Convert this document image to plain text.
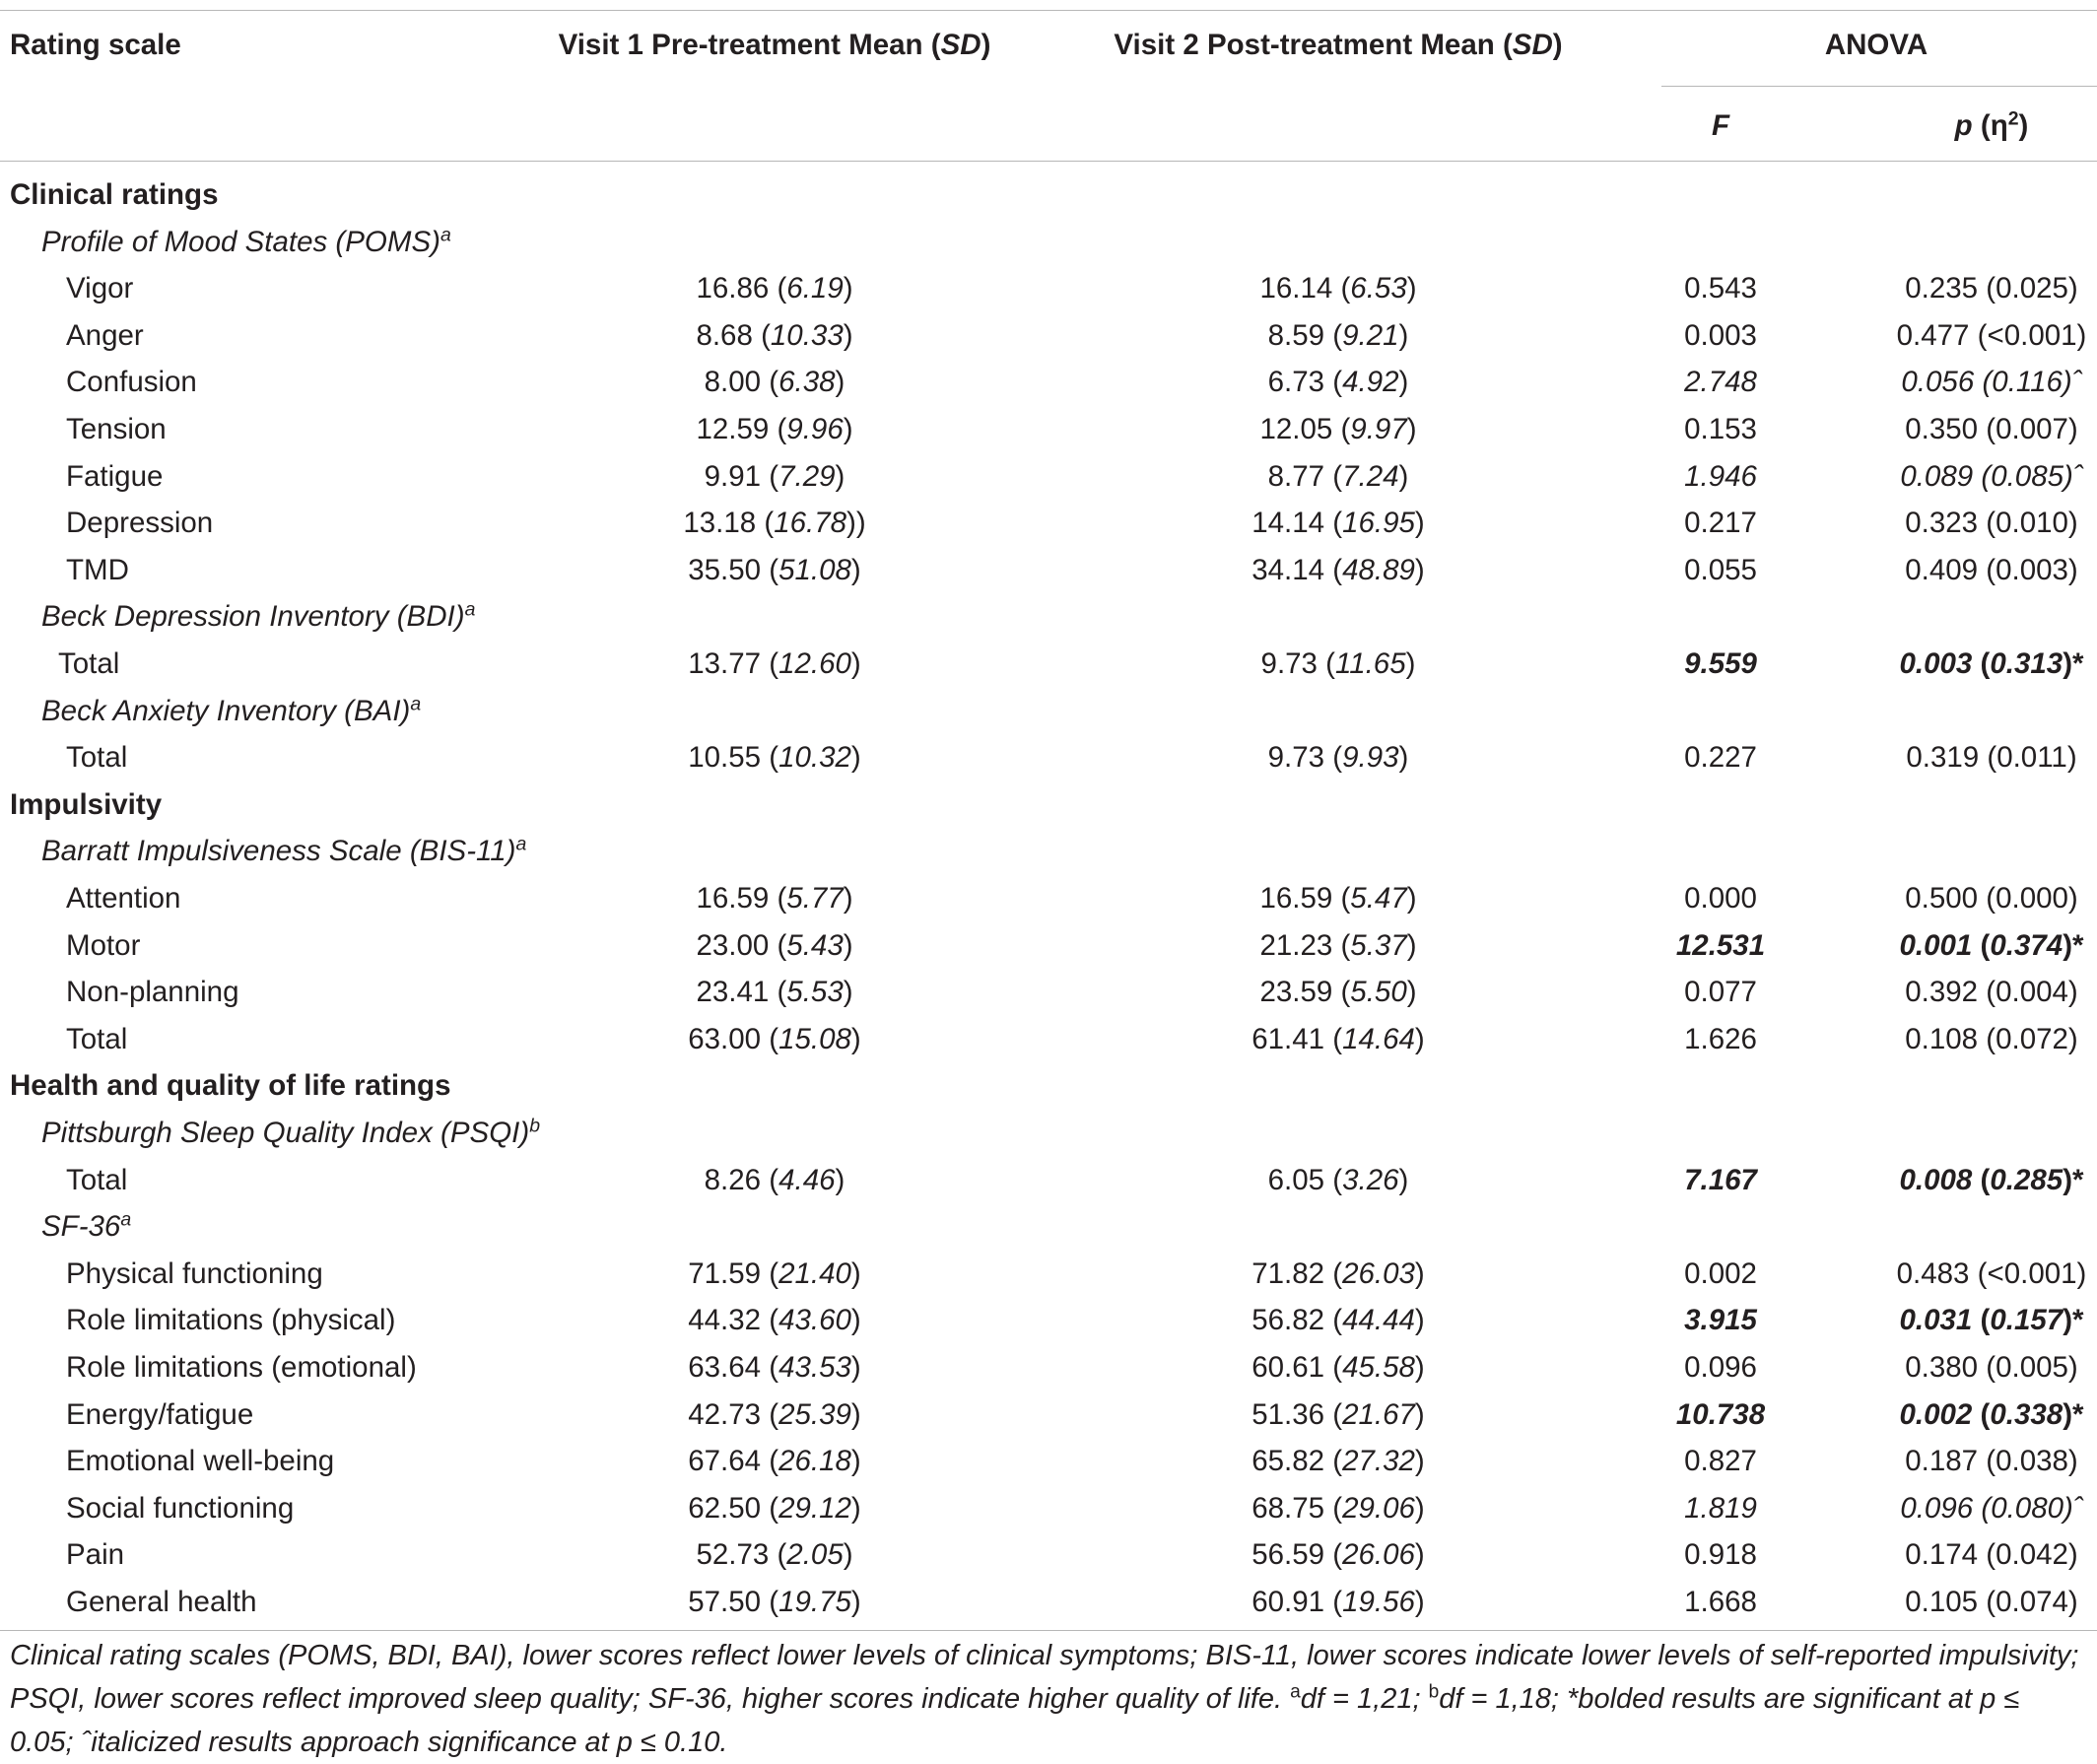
Rating scale	Visit 1 Pre-treatment Mean (SD)	Visit 2 Post-treatment Mean (SD)	ANOVA
F	p $(\eta^2)$
Clinical ratings
Profile of Mood States (POMS)$^a$
Vigor	16.86 (6.19)	16.14 (6.53)	0.543	0.235 (0.025)
Anger	8.68 (10.33)	8.59 (9.21)	0.003	0.477 (<0.001)
Confusion	8.00 (6.38)	6.73 (4.92)	2.748	0.056 (0.116)ˆ
Tension	12.59 (9.96)	12.05 (9.97)	0.153	0.350 (0.007)
Fatigue	9.91 (7.29)	8.77 (7.24)	1.946	0.089 (0.085)ˆ
Depression	13.18 (16.78))	14.14 (16.95)	0.217	0.323 (0.010)
TMD	35.50 (51.08)	34.14 (48.89)	0.055	0.409 (0.003)
Beck Depression Inventory (BDI)$^a$
Total	13.77 (12.60)	9.73 (11.65)	9.559	0.003 (0.313)*
Beck Anxiety Inventory (BAI)$^a$
Total	10.55 (10.32)	9.73 (9.93)	0.227	0.319 (0.011)
Impulsivity
Barratt Impulsiveness Scale $(BIS-11)^a$
Attention	16.59 (5.77)	16.59 (5.47)	0.000	0.500 (0.000)
Motor	23.00 (5.43)	21.23 (5.37)	12.531	0.001 (0.374)*
Non-planning	23.41 (5.53)	23.59 (5.50)	0.077	0.392 (0.004)
Total	63.00 (15.08)	61.41 (14.64)	1.626	0.108 (0.072)
Health and quality of life ratings
Pittsburgh Sleep Quality Index (PSQI)$^b$
Total	8.26 (4.46)	6.05 (3.26)	7.167	0.008 (0.285)*
SF-36$^a$
Physical functioning	71.59 (21.40)	71.82 (26.03)	0.002	0.483 (<0.001)
Role limitations (physical)	44.32 (43.60)	56.82 (44.44)	3.915	0.031 (0.157)*
Role limitations (emotional)	63.64 (43.53)	60.61 (45.58)	0.096	0.380 (0.005)
Energy/fatigue	42.73 (25.39)	51.36 (21.67)	10.738	0.002 (0.338)*
Emotional well-being	67.64 (26.18)	65.82 (27.32)	0.827	0.187 (0.038)
Social functioning	62.50 (29.12)	68.75 (29.06)	1.819	0.096 (0.080)ˆ
Pain	52.73 (2.05)	56.59 (26.06)	0.918	0.174 (0.042)
General health	57.50 (19.75)	60.91 (19.56)	1.668	0.105 (0.074)
Clinical rating scales (POMS, BDI, BAI), lower scores reflect lower levels of clinical symptoms; BIS-11, lower scores indicate lower levels of self-reported impulsivity; PSQI, lower scores reflect improved sleep quality; SF-36, higher scores indicate higher quality of life. $^a$df = 1,21; $^b$df = 1,18; *bolded results are significant at p ≤ 0.05; ˆitalicized results approach significance at p ≤ 0.10.
